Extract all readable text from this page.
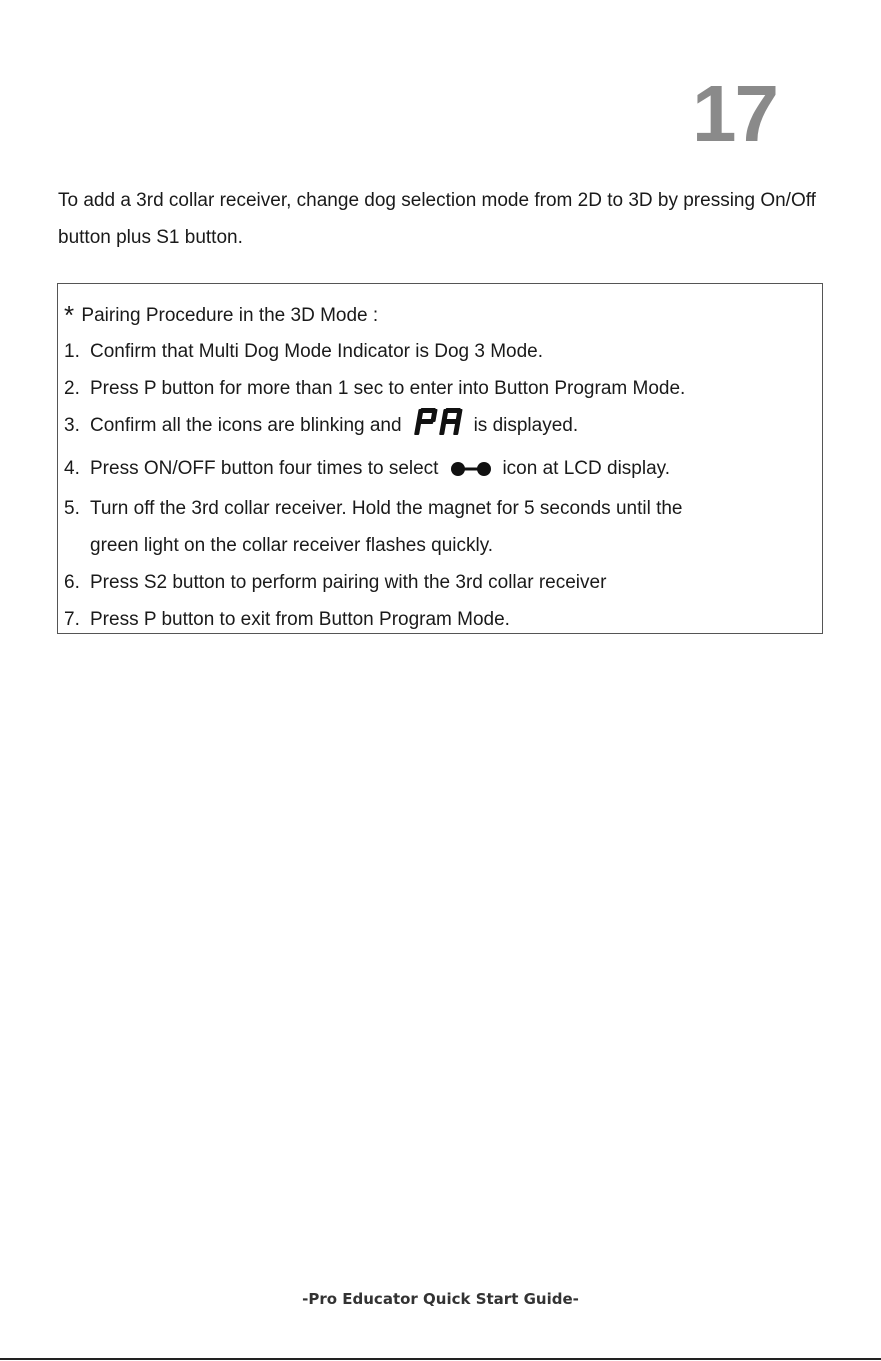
17

To add a 3rd collar receiver, change dog selection mode from 2D to 3D by pressing On/Off button plus S1 button.

* Pairing Procedure in the 3D Mode :
1. Confirm that Multi Dog Mode Indicator is Dog 3 Mode.
2. Press P button for more than 1 sec to enter into Button Program Mode.
3. Confirm all the icons are blinking and	is displayed.
4. Press ON/OFF button four times to select	icon at LCD display.
5. Turn off the 3rd collar receiver. Hold the magnet for 5 seconds until the
green light on the collar receiver flashes quickly.
6. Press S2 button to perform pairing with the 3rd collar receiver
7. Press P button to exit from Button Program Mode.
-Pro Educator Quick Start Guide-
